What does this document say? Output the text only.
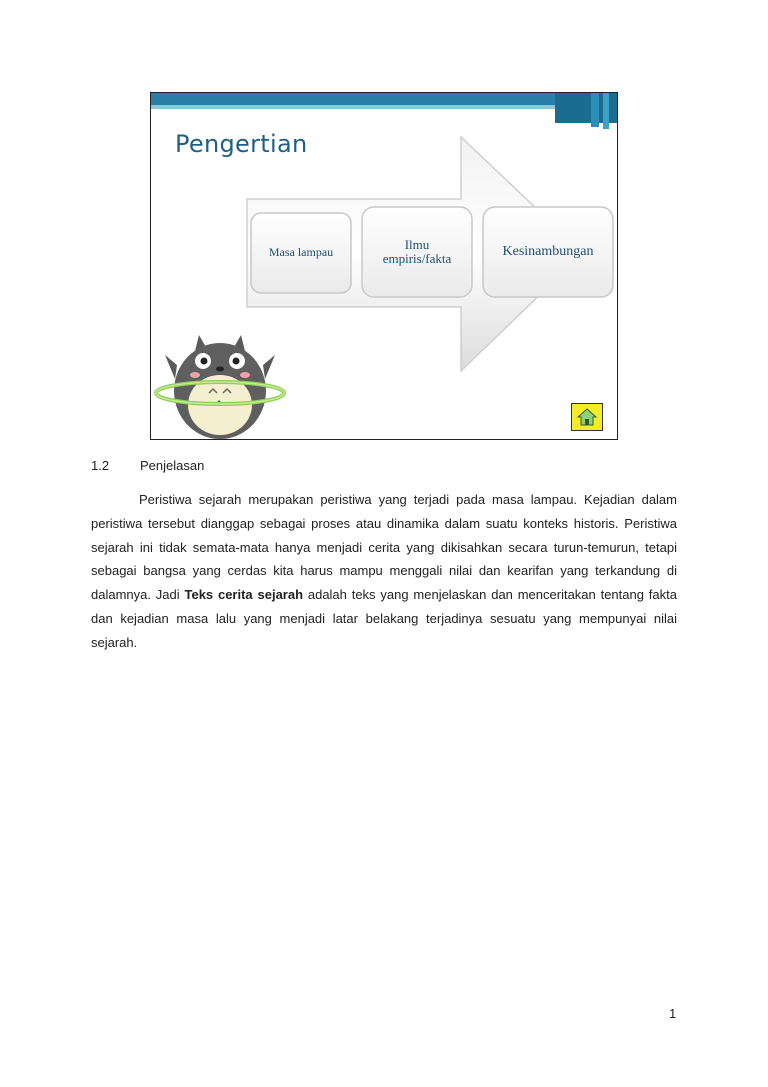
Pengertian
Masa lampau
Ilmu empiris/fakta	Kesinambungan
1.2 Penjelasan

Peristiwa sejarah merupakan peristiwa yang terjadi pada masa lampau. Kejadian dalam peristiwa tersebut dianggap sebagai proses atau dinamika dalam suatu konteks historis. Peristiwa sejarah ini tidak semata-mata hanya menjadi cerita yang dikisahkan secara turun-temurun, tetapi sebagai bangsa yang cerdas kita harus mampu menggali nilai dan kearifan yang terkandung di dalamnya. Jadi Teks cerita sejarah adalah teks yang menjelaskan dan menceritakan tentang fakta dan kejadian masa lalu yang menjadi latar belakang terjadinya sesuatu yang mempunyai nilai sejarah.

1
